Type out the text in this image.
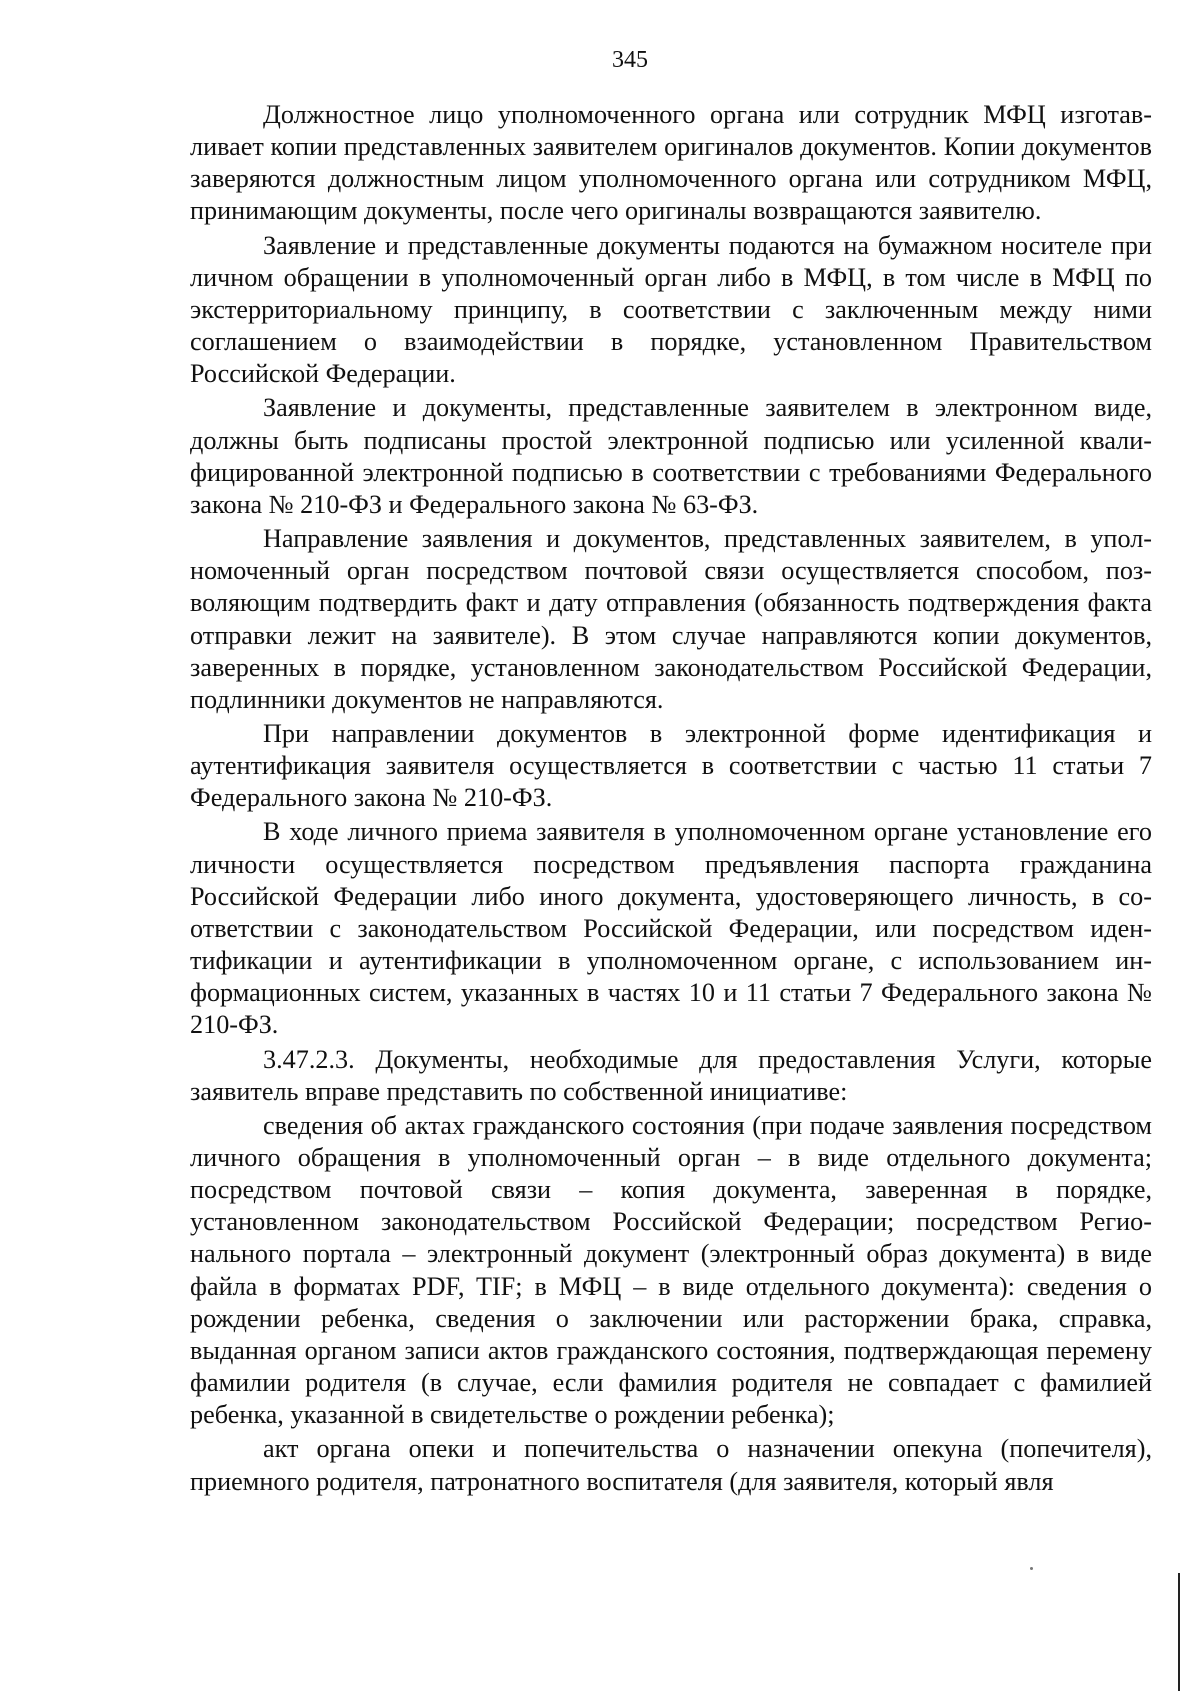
345

Должностное лицо уполномоченного органа или сотрудник МФЦ изготавливает копии представленных заявителем оригиналов документов. Копии документов заверяются должностным лицом уполномоченного органа или сотрудником МФЦ, принимающим документы, после чего оригиналы возвращаются заявителю.

Заявление и представленные документы подаются на бумажном носителе при личном обращении в уполномоченный орган либо в МФЦ, в том числе в МФЦ по экстерриториальному принципу, в соответствии с заключенным между ними соглашением о взаимодействии в порядке, установленном Правительством Российской Федерации.

Заявление и документы, представленные заявителем в электронном виде, должны быть подписаны простой электронной подписью или усиленной квалифицированной электронной подписью в соответствии с требованиями Федерального закона № 210-ФЗ и Федерального закона № 63-ФЗ.

Направление заявления и документов, представленных заявителем, в уполномоченный орган посредством почтовой связи осуществляется способом, позволяющим подтвердить факт и дату отправления (обязанность подтверждения факта отправки лежит на заявителе). В этом случае направляются копии документов, заверенных в порядке, установленном законодательством Российской Федерации, подлинники документов не направляются.

При направлении документов в электронной форме идентификация и аутентификация заявителя осуществляется в соответствии с частью 11 статьи 7 Федерального закона № 210-ФЗ.

В ходе личного приема заявителя в уполномоченном органе установление его личности осуществляется посредством предъявления паспорта гражданина Российской Федерации либо иного документа, удостоверяющего личность, в соответствии с законодательством Российской Федерации, или посредством идентификации и аутентификации в уполномоченном органе, с использованием информационных систем, указанных в частях 10 и 11 статьи 7 Федерального закона № 210-ФЗ.

3.47.2.3. Документы, необходимые для предоставления Услуги, которые заявитель вправе представить по собственной инициативе:

сведения об актах гражданского состояния (при подаче заявления посредством личного обращения в уполномоченный орган – в виде отдельного документа; посредством почтовой связи – копия документа, заверенная в порядке, установленном законодательством Российской Федерации; посредством Регионального портала – электронный документ (электронный образ документа) в виде файла в форматах PDF, TIF; в МФЦ – в виде отдельного документа): сведения о рождении ребенка, сведения о заключении или расторжении брака, справка, выданная органом записи актов гражданского состояния, подтверждающая перемену фамилии родителя (в случае, если фамилия родителя не совпадает с фамилией ребенка, указанной в свидетельстве о рождении ребенка);

акт органа опеки и попечительства о назначении опекуна (попечителя), приемного родителя, патронатного воспитателя (для заявителя, который явля
